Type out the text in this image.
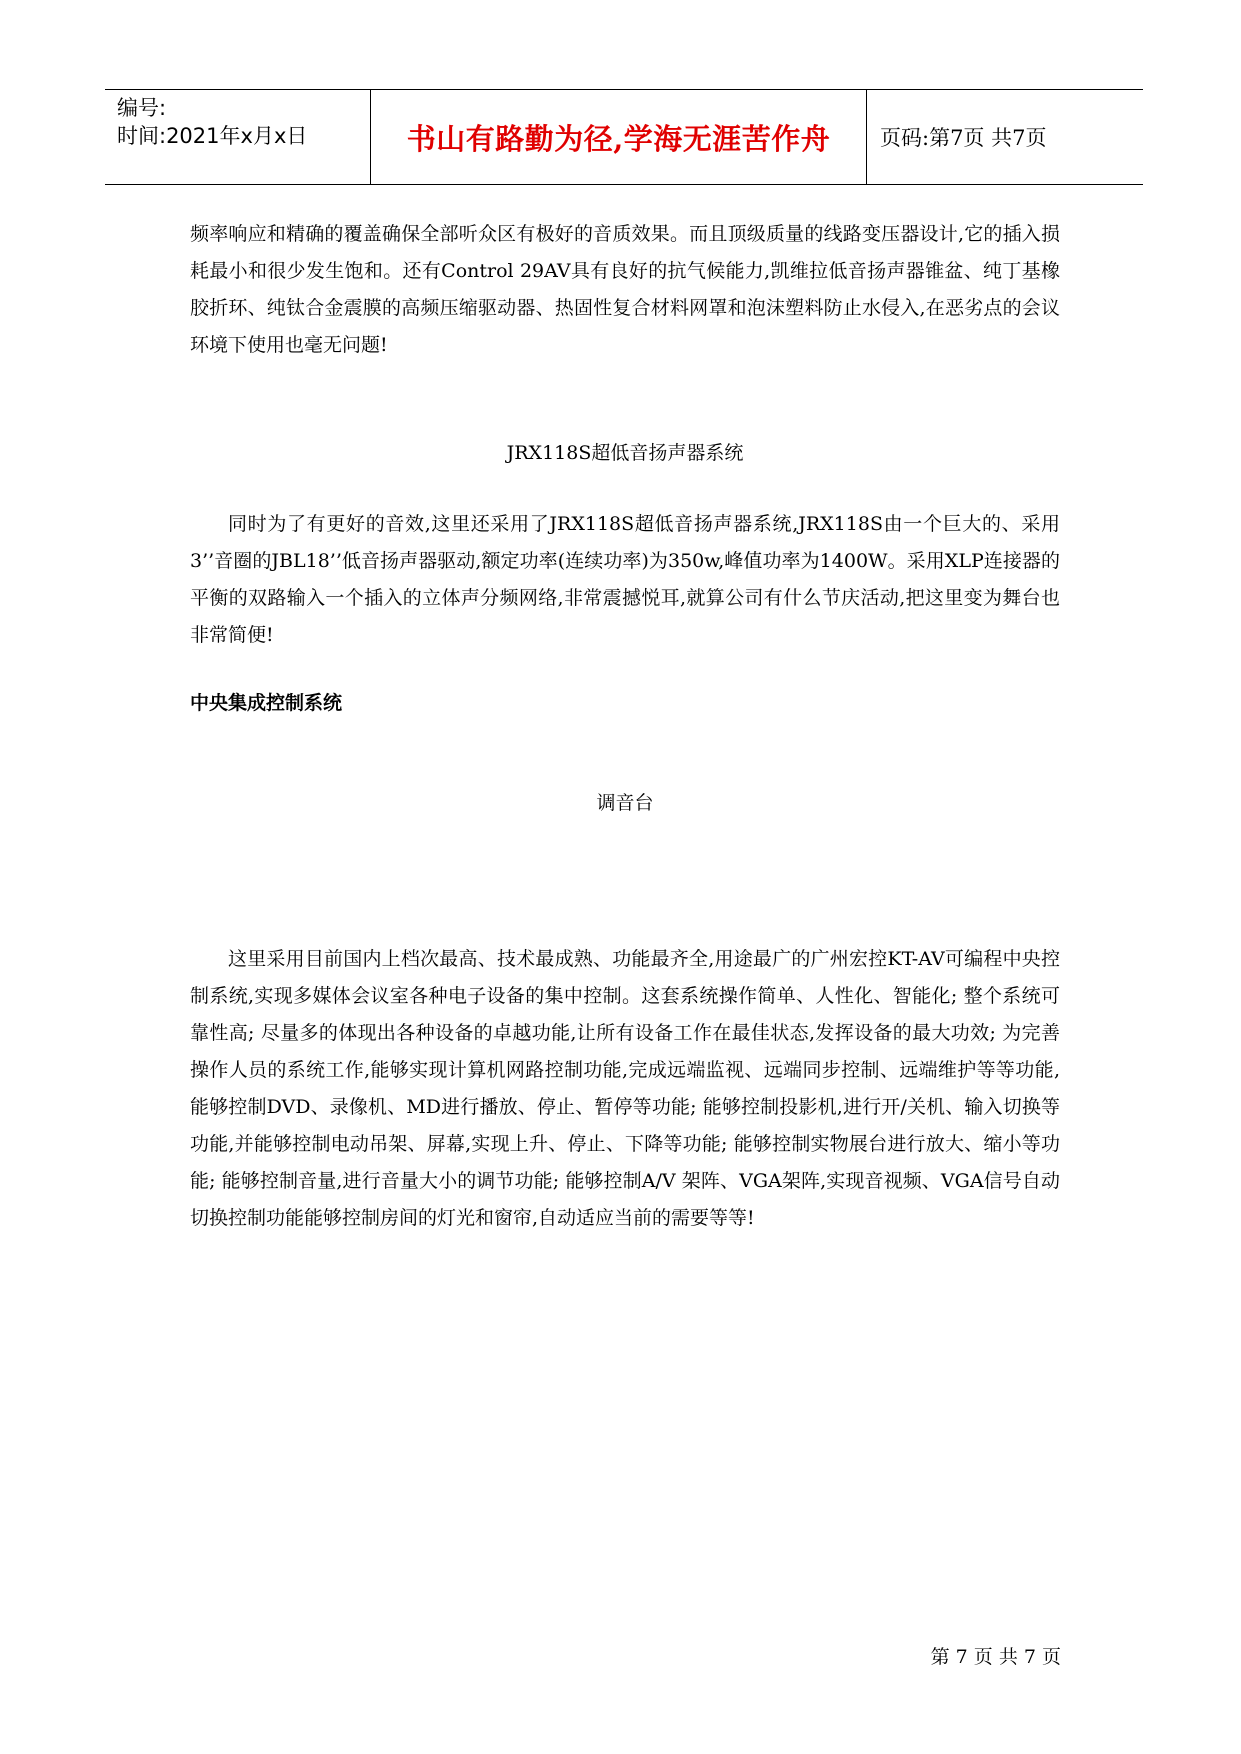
编号:
时间:2021年x月x日	书山有路勤为径,学海无涯苦作舟 页码:第7页 共7页

频率响应和精确的覆盖确保全部听众区有极好的音质效果。而且顶级质量的线路变压器设计,它的插入损耗最小和很少发生饱和。还有Control 29AV具有良好的抗气候能力,凯维拉低音扬声器锥盆、纯丁基橡胶折环、纯钛合金震膜的高频压缩驱动器、热固性复合材料网罩和泡沫塑料防止水侵入,在恶劣点的会议环境下使用也毫无问题!

JRX118S超低音扬声器系统

同时为了有更好的音效,这里还采用了JRX118S超低音扬声器系统,JRX118S由一个巨大的、采用3’’音圈的JBL18’’低音扬声器驱动,额定功率(连续功率)为350w,峰值功率为1400W。采用XLP连接器的平衡的双路输入一个插入的立体声分频网络,非常震撼悦耳,就算公司有什么节庆活动,把这里变为舞台也非常简便!

中央集成控制系统
调音台

这里采用目前国内上档次最高、技术最成熟、功能最齐全,用途最广的广州宏控KT-AV可编程中央控制系统,实现多媒体会议室各种电子设备的集中控制。这套系统操作简单、人性化、智能化; 整个系统可靠性高; 尽量多的体现出各种设备的卓越功能,让所有设备工作在最佳状态,发挥设备的最大功效; 为完善操作人员的系统工作,能够实现计算机网路控制功能,完成远端监视、远端同步控制、远端维护等等功能,能够控制DVD、录像机、MD进行播放、停止、暂停等功能; 能够控制投影机,进行开/关机、输入切换等功能,并能够控制电动吊架、屏幕,实现上升、停止、下降等功能; 能够控制实物展台进行放大、缩小等功能; 能够控制音量,进行音量大小的调节功能; 能够控制A/V 架阵、VGA架阵,实现音视频、VGA信号自动切换控制功能能够控制房间的灯光和窗帘,自动适应当前的需要等等!

第 7 页 共 7 页
